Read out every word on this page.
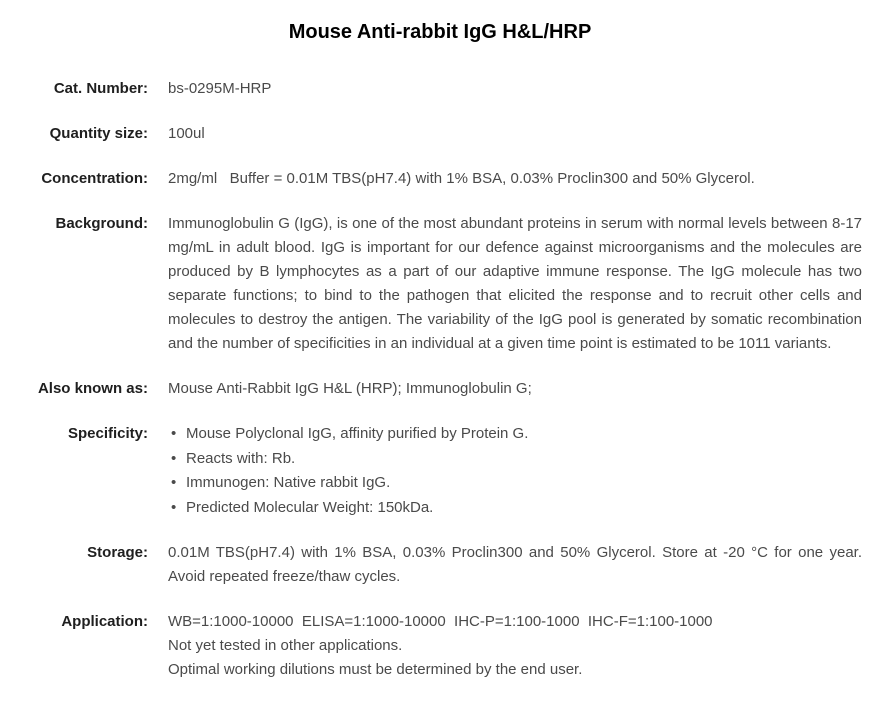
Mouse Anti-rabbit IgG H&L/HRP
Cat. Number: bs-0295M-HRP
Quantity size: 100ul
Concentration: 2mg/ml   Buffer = 0.01M TBS(pH7.4) with 1% BSA, 0.03% Proclin300 and 50% Glycerol.
Background: Immunoglobulin G (IgG), is one of the most abundant proteins in serum with normal levels between 8-17 mg/mL in adult blood. IgG is important for our defence against microorganisms and the molecules are produced by B lymphocytes as a part of our adaptive immune response. The IgG molecule has two separate functions; to bind to the pathogen that elicited the response and to recruit other cells and molecules to destroy the antigen. The variability of the IgG pool is generated by somatic recombination and the number of specificities in an individual at a given time point is estimated to be 1011 variants.
Also known as: Mouse Anti-Rabbit IgG H&L (HRP); Immunoglobulin G;
Specificity:	• Mouse Polyclonal IgG, affinity purified by Protein G.
• Reacts with: Rb.
• Immunogen: Native rabbit IgG.
• Predicted Molecular Weight: 150kDa.
Storage: 0.01M TBS(pH7.4) with 1% BSA, 0.03% Proclin300 and 50% Glycerol. Store at -20 °C for one year. Avoid repeated freeze/thaw cycles.
Application: WB=1:1000-10000  ELISA=1:1000-10000  IHC-P=1:100-1000  IHC-F=1:100-1000
Not yet tested in other applications.
Optimal working dilutions must be determined by the end user.
